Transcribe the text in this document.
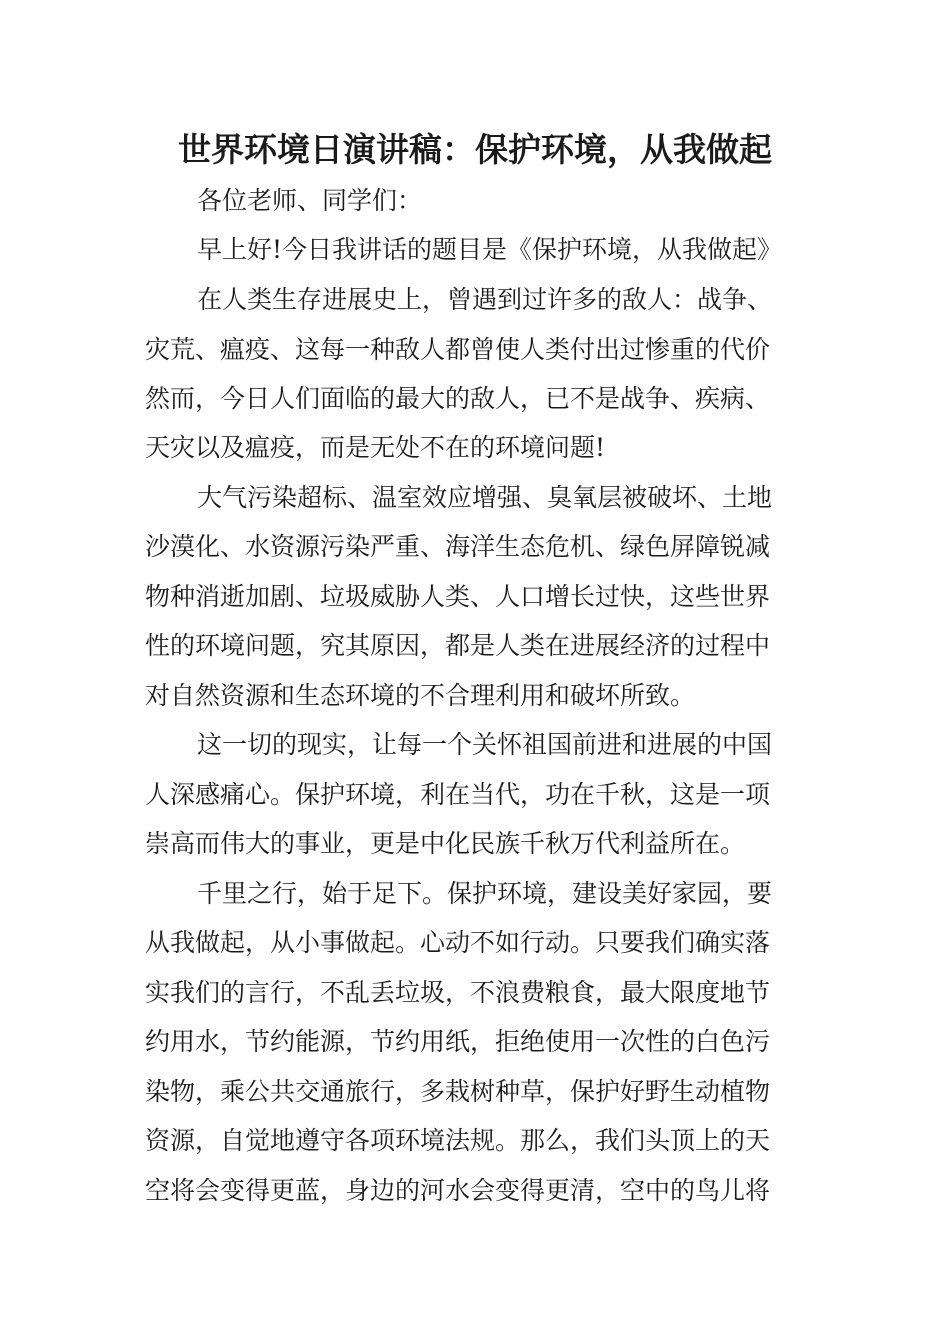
世界环境日演讲稿：保护环境，从我做起

各位老师、同学们：

早上好!今日我讲话的题目是《保护环境，从我做起》

在人类生存进展史上，曾遇到过许多的敌人：战争、

灾荒、瘟疫、这每一种敌人都曾使人类付出过惨重的代价

然而，今日人们面临的最大的敌人，已不是战争、疾病、

天灾以及瘟疫，而是无处不在的环境问题!

大气污染超标、温室效应增强、臭氧层被破坏、土地

沙漠化、水资源污染严重、海洋生态危机、绿色屏障锐减

物种消逝加剧、垃圾威胁人类、人口增长过快，这些世界

性的环境问题，究其原因，都是人类在进展经济的过程中

对自然资源和生态环境的不合理利用和破坏所致。

这一切的现实，让每一个关怀祖国前进和进展的中国

人深感痛心。保护环境，利在当代，功在千秋，这是一项

崇高而伟大的事业，更是中化民族千秋万代利益所在。

千里之行，始于足下。保护环境，建设美好家园，要

从我做起，从小事做起。心动不如行动。只要我们确实落

实我们的言行，不乱丢垃圾，不浪费粮食，最大限度地节

约用水，节约能源，节约用纸，拒绝使用一次性的白色污

染物，乘公共交通旅行，多栽树种草，保护好野生动植物

资源，自觉地遵守各项环境法规。那么，我们头顶上的天

空将会变得更蓝，身边的河水会变得更清，空中的鸟儿将
